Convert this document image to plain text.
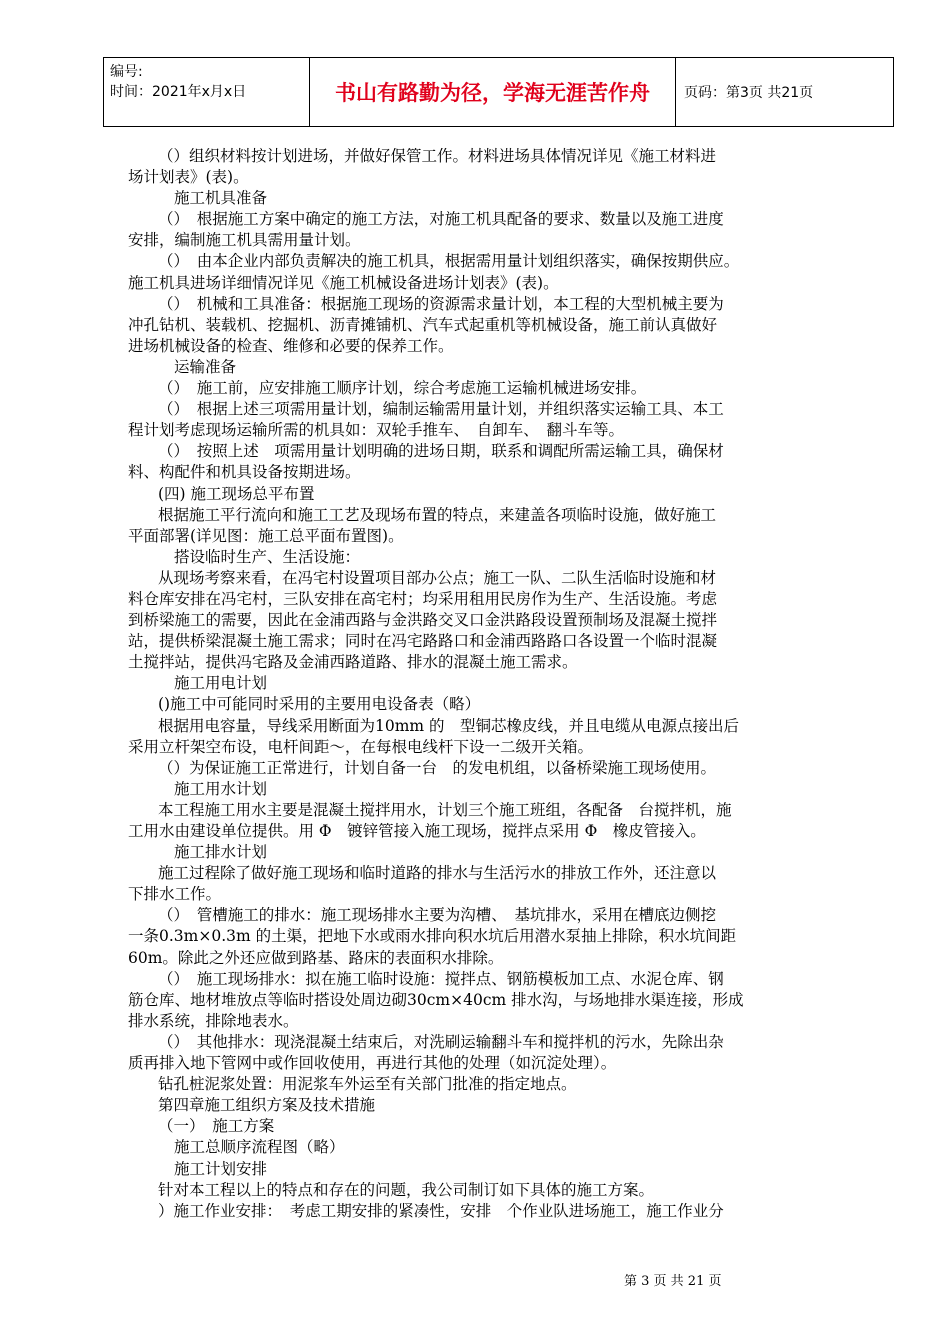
编号:
时间：2021年x月x日	书山有路勤为径，学海无涯苦作舟	页码：第3页 共21页
（）组织材料按计划进场，并做好保管工作。材料进场具体情况详见《施工材料进
场计划表》(表)。
施工机具准备
（）　根据施工方案中确定的施工方法，对施工机具配备的要求、数量以及施工进度
安排，编制施工机具需用量计划。
（）　由本企业内部负责解决的施工机具，根据需用量计划组织落实，确保按期供应。
施工机具进场详细情况详见《施工机械设备进场计划表》(表)。
（）　机械和工具准备：根据施工现场的资源需求量计划，本工程的大型机械主要为
冲孔钻机、装载机、挖掘机、沥青摊铺机、汽车式起重机等机械设备，施工前认真做好
进场机械设备的检查、维修和必要的保养工作。
运输准备
（）　施工前，应安排施工顺序计划，综合考虑施工运输机械进场安排。
（）　根据上述三项需用量计划，编制运输需用量计划，并组织落实运输工具、本工
程计划考虑现场运输所需的机具如：双轮手推车、　自卸车、　翻斗车等。
（）　按照上述　项需用量计划明确的进场日期，联系和调配所需运输工具，确保材
料、构配件和机具设备按期进场。
(四) 施工现场总平布置
根据施工平行流向和施工工艺及现场布置的特点，来建盖各项临时设施，做好施工
平面部署(详见图：施工总平面布置图)。
搭设临时生产、生活设施：
从现场考察来看，在冯宅村设置项目部办公点；施工一队、二队生活临时设施和材
料仓库安排在冯宅村，三队安排在高宅村；均采用租用民房作为生产、生活设施。考虑
到桥梁施工的需要，因此在金浦西路与金洪路交叉口金洪路段设置预制场及混凝土搅拌
站，提供桥梁混凝土施工需求；同时在冯宅路路口和金浦西路路口各设置一个临时混凝
土搅拌站，提供冯宅路及金浦西路道路、排水的混凝土施工需求。
施工用电计划
()施工中可能同时采用的主要用电设备表（略）
根据用电容量，导线采用断面为10mm 的　型铜芯橡皮线，并且电缆从电源点接出后
采用立杆架空布设，电杆间距～，在每根电线杆下设一二级开关箱。
（）为保证施工正常进行，计划自备一台　的发电机组，以备桥梁施工现场使用。
施工用水计划
本工程施工用水主要是混凝土搅拌用水，计划三个施工班组，各配备　台搅拌机，施
工用水由建设单位提供。用 Φ　镀锌管接入施工现场，搅拌点采用 Φ　橡皮管接入。
施工排水计划
施工过程除了做好施工现场和临时道路的排水与生活污水的排放工作外，还注意以
下排水工作。
（）　管槽施工的排水：施工现场排水主要为沟槽、　基坑排水，采用在槽底边侧挖
一条0.3m×0.3m 的土渠，把地下水或雨水排向积水坑后用潜水泵抽上排除，积水坑间距
60m。除此之外还应做到路基、路床的表面积水排除。
（）　施工现场排水：拟在施工临时设施：搅拌点、钢筋模板加工点、水泥仓库、钢
筋仓库、地材堆放点等临时搭设处周边砌30cm×40cm 排水沟，与场地排水渠连接，形成
排水系统，排除地表水。
（）　其他排水：现浇混凝土结束后，对洗刷运输翻斗车和搅拌机的污水，先除出杂
质再排入地下管网中或作回收使用，再进行其他的处理（如沉淀处理）。
钻孔桩泥浆处置：用泥浆车外运至有关部门批准的指定地点。
第四章施工组织方案及技术措施
（一）　施工方案
施工总顺序流程图（略）
施工计划安排
针对本工程以上的特点和存在的问题，我公司制订如下具体的施工方案。
）施工作业安排：　考虑工期安排的紧凑性，安排　个作业队进场施工，施工作业分
第 3 页 共 21 页
